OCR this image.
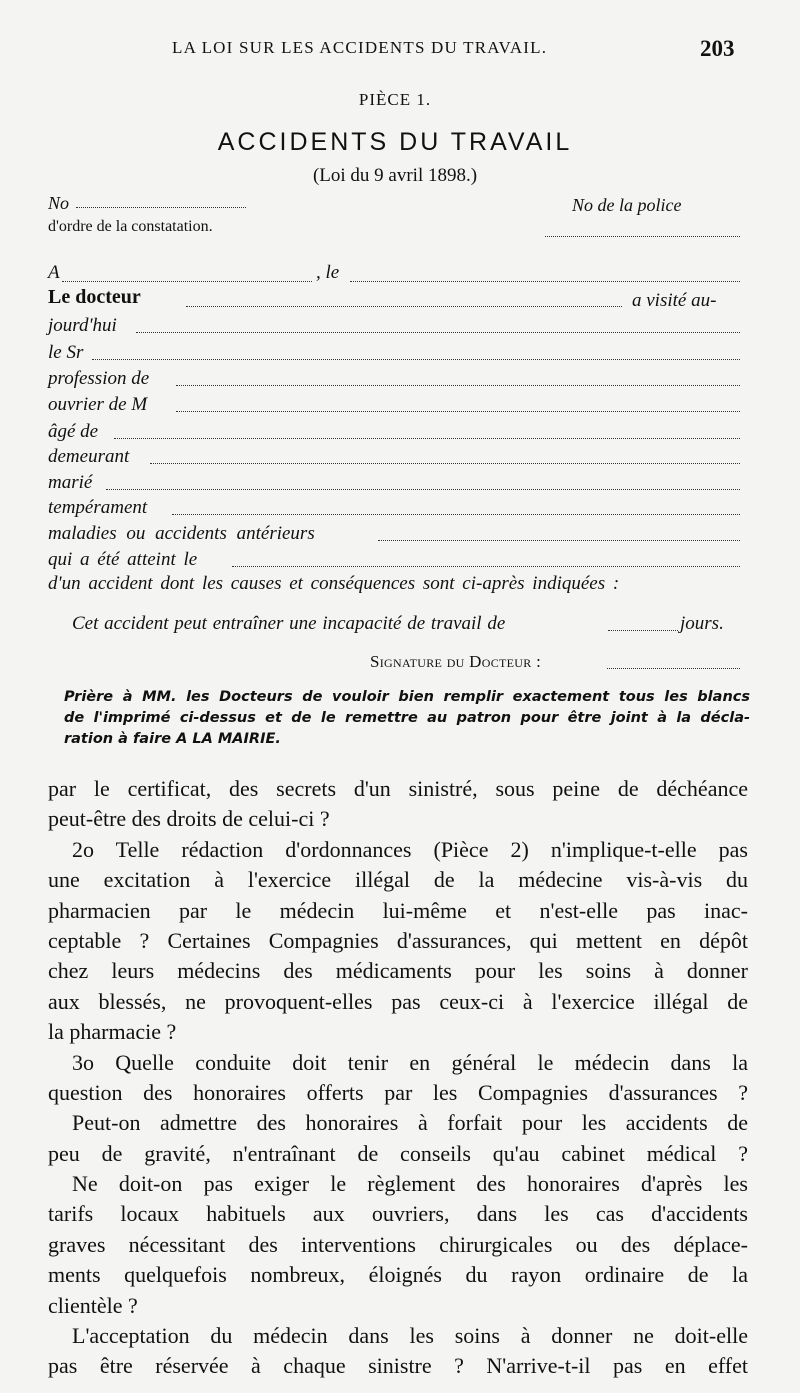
LA LOI SUR LES ACCIDENTS DU TRAVAIL.	203
PIÈCE 1.
ACCIDENTS DU TRAVAIL
(Loi du 9 avril 1898.)
No
d'ordre de la constatation.
No de la police
A	, le
Le docteur	a visité au-
jourd'hui
le Sr
profession de
ouvrier de M
âgé de
demeurant
marié
tempérament
maladies ou accidents antérieurs
qui a été atteint le
d'un accident dont les causes et conséquences sont ci-après indiquées :
Cet accident peut entraîner une incapacité de travail de	jours.
Signature du Docteur :
Prière à MM. les Docteurs de vouloir bien remplir exactement tous les blancs
de l'imprimé ci-dessus et de le remettre au patron pour être joint à la décla-
ration à faire A LA MAIRIE.
par le certificat, des secrets d'un sinistré, sous peine de déchéance
peut-être des droits de celui-ci ?
2o Telle rédaction d'ordonnances (Pièce 2) n'implique-t-elle pas
une excitation à l'exercice illégal de la médecine vis-à-vis du
pharmacien par le médecin lui-même et n'est-elle pas inac-
ceptable ? Certaines Compagnies d'assurances, qui mettent en dépôt
chez leurs médecins des médicaments pour les soins à donner
aux blessés, ne provoquent-elles pas ceux-ci à l'exercice illégal de
la pharmacie ?
3o Quelle conduite doit tenir en général le médecin dans la
question des honoraires offerts par les Compagnies d'assurances ?
Peut-on admettre des honoraires à forfait pour les accidents de
peu de gravité, n'entraînant de conseils qu'au cabinet médical ?
Ne doit-on pas exiger le règlement des honoraires d'après les
tarifs locaux habituels aux ouvriers, dans les cas d'accidents
graves nécessitant des interventions chirurgicales ou des déplace-
ments quelquefois nombreux, éloignés du rayon ordinaire de la
clientèle ?
L'acceptation du médecin dans les soins à donner ne doit-elle
pas être réservée à chaque sinistre ? N'arrive-t-il pas en effet
